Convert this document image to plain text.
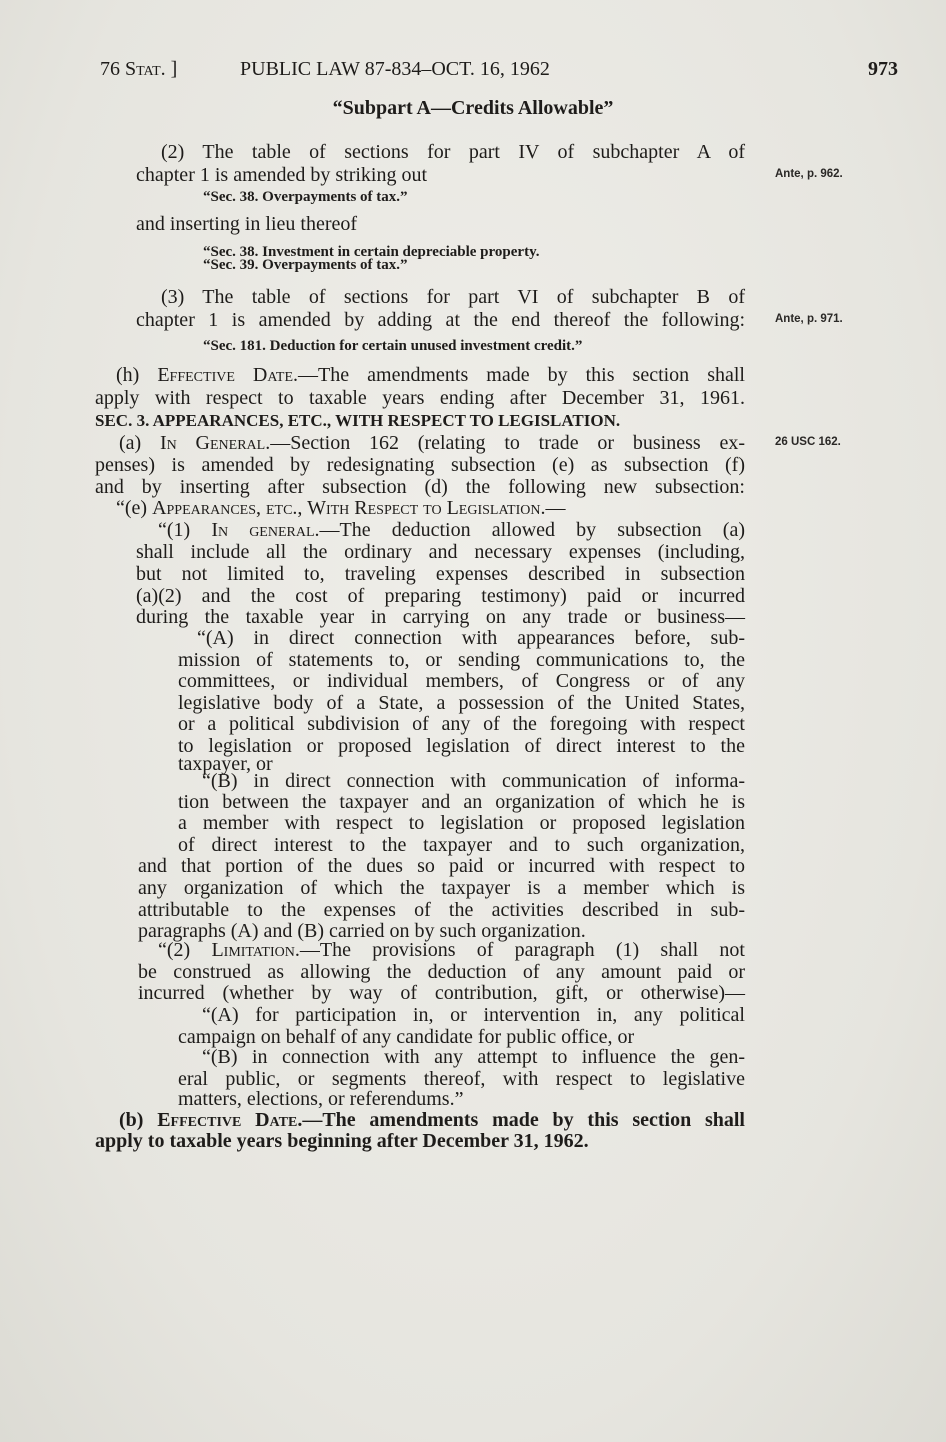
76 Stat. ]	PUBLIC LAW 87-834–OCT. 16, 1962	973
“Subpart A—Credits Allowable”
Ante, p. 962.
Ante, p. 971.
26 USC 162.
(2) The table of sections for part IV of subchapter A of
chapter 1 is amended by striking out
“Sec. 38. Overpayments of tax.”
and inserting in lieu thereof
“Sec. 38. Investment in certain depreciable property.
“Sec. 39. Overpayments of tax.”
(3) The table of sections for part VI of subchapter B of
chapter 1 is amended by adding at the end thereof the following:
“Sec. 181. Deduction for certain unused investment credit.”
(h) Effective Date.—The amendments made by this section shall
apply with respect to taxable years ending after December 31, 1961.
SEC. 3. APPEARANCES, ETC., WITH RESPECT TO LEGISLATION.
(a) In General.—Section 162 (relating to trade or business ex-
penses) is amended by redesignating subsection (e) as subsection (f)
and by inserting after subsection (d) the following new subsection:
“(e) Appearances, etc., With Respect to Legislation.—
“(1) In general.—The deduction allowed by subsection (a)
shall include all the ordinary and necessary expenses (including,
but not limited to, traveling expenses described in subsection
(a)(2) and the cost of preparing testimony) paid or incurred
during the taxable year in carrying on any trade or business—
“(A) in direct connection with appearances before, sub-
mission of statements to, or sending communications to, the
committees, or individual members, of Congress or of any
legislative body of a State, a possession of the United States,
or a political subdivision of any of the foregoing with respect
to legislation or proposed legislation of direct interest to the
taxpayer, or
“(B) in direct connection with communication of informa-
tion between the taxpayer and an organization of which he is
a member with respect to legislation or proposed legislation
of direct interest to the taxpayer and to such organization,
and that portion of the dues so paid or incurred with respect to
any organization of which the taxpayer is a member which is
attributable to the expenses of the activities described in sub-
paragraphs (A) and (B) carried on by such organization.
“(2) Limitation.—The provisions of paragraph (1) shall not
be construed as allowing the deduction of any amount paid or
incurred (whether by way of contribution, gift, or otherwise)—
“(A) for participation in, or intervention in, any political
campaign on behalf of any candidate for public office, or
“(B) in connection with any attempt to influence the gen-
eral public, or segments thereof, with respect to legislative
matters, elections, or referendums.”
(b) Effective Date.—The amendments made by this section shall
apply to taxable years beginning after December 31, 1962.
